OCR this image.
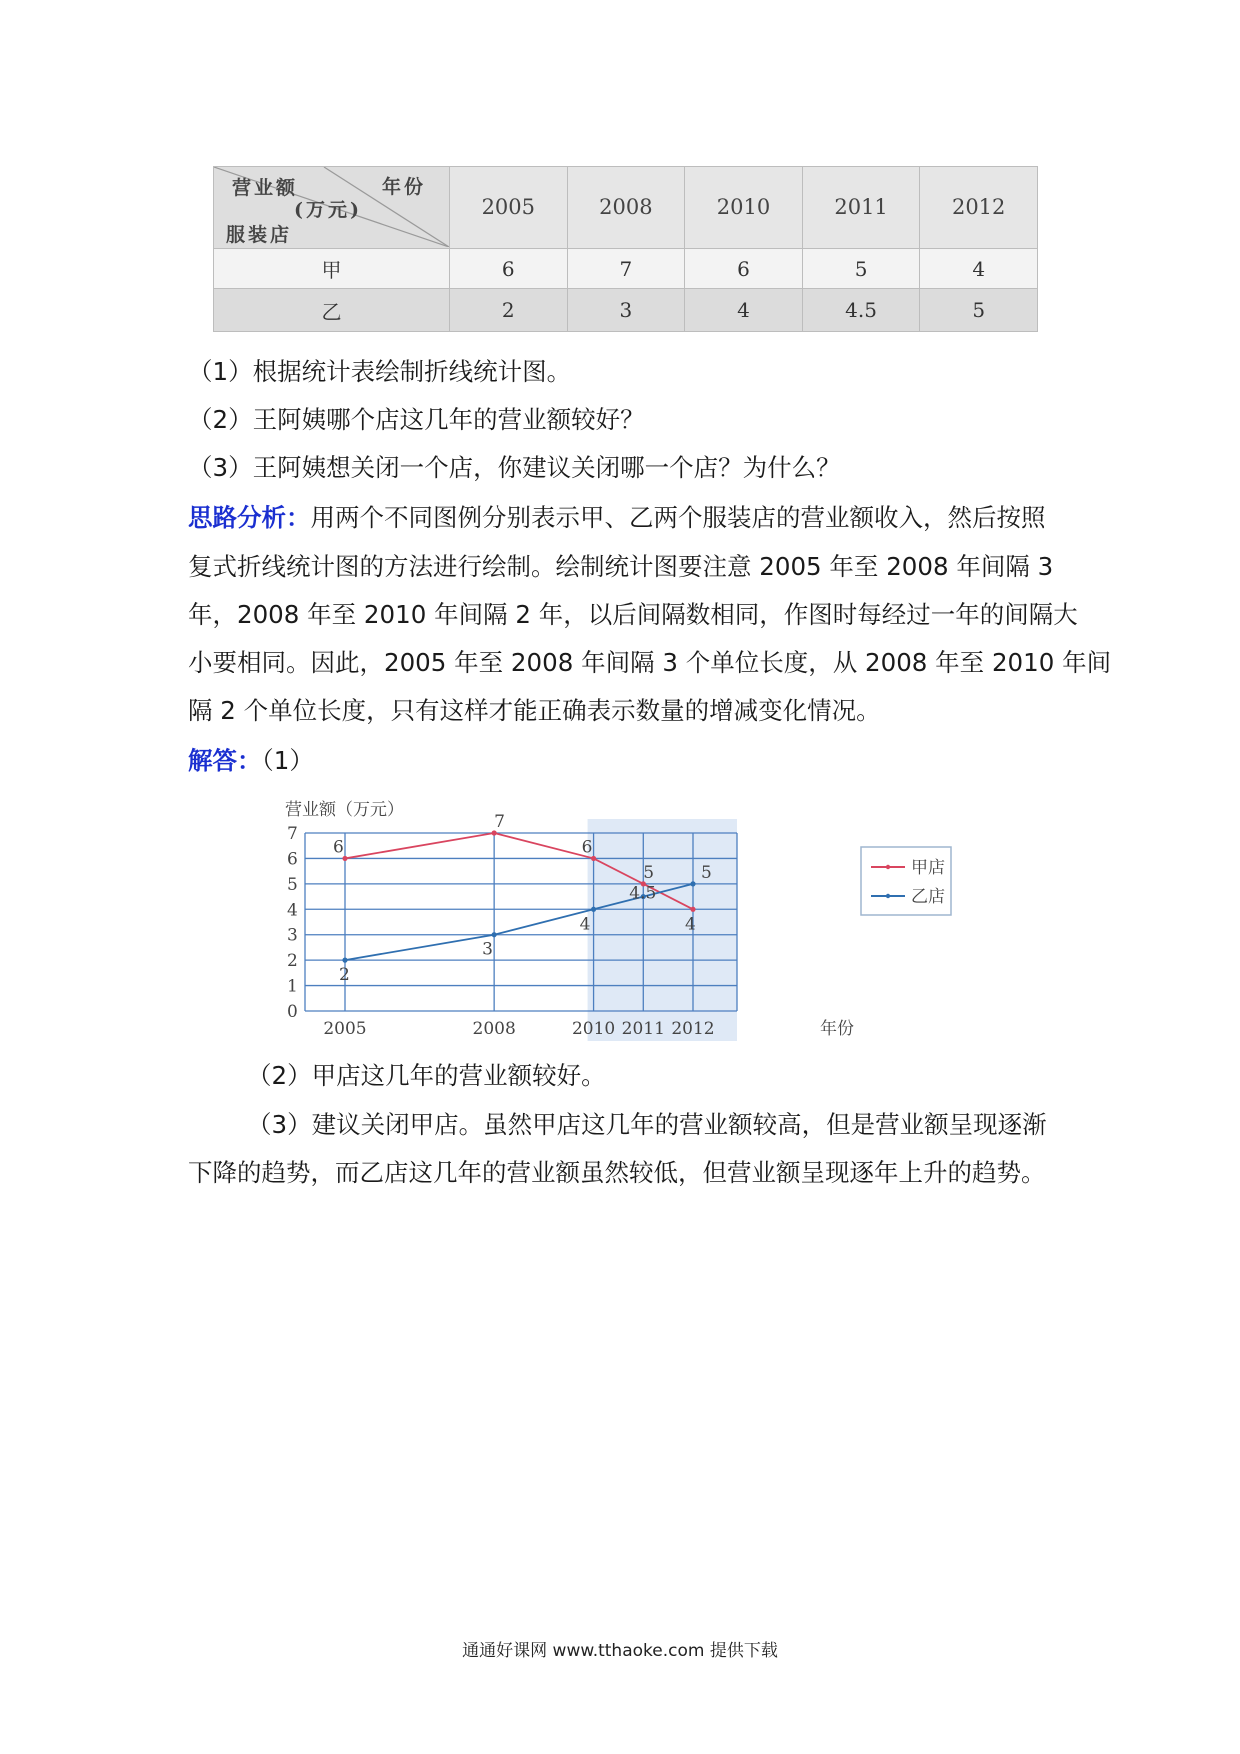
营业额
(万元)
年份
服装店	2005	2008	2010	2011	2012
甲	6	7	6	5	4
乙	2	3	4	4.5	5
（1）根据统计表绘制折线统计图。
（2）王阿姨哪个店这几年的营业额较好？
（3）王阿姨想关闭一个店，你建议关闭哪一个店？为什么？
思路分析：用两个不同图例分别表示甲、乙两个服装店的营业额收入，然后按照
复式折线统计图的方法进行绘制。绘制统计图要注意 2005 年至 2008 年间隔 3
年，2008 年至 2010 年间隔 2 年，以后间隔数相同，作图时每经过一年的间隔大
小要相同。因此，2005 年至 2008 年间隔 3 个单位长度，从 2008 年至 2010 年间
隔 2 个单位长度，只有这样才能正确表示数量的增减变化情况。
解答：（1）
0
1
2
3
4
5
6
7
2005	2008	2010 2011 2012
6
7
6
5
4
2
3
4
4.5
5
营业额（万元）
年份
甲店
乙店
（2）甲店这几年的营业额较好。
（3）建议关闭甲店。虽然甲店这几年的营业额较高，但是营业额呈现逐渐
下降的趋势，而乙店这几年的营业额虽然较低，但营业额呈现逐年上升的趋势。
通通好课网 www.tthaoke.com 提供下载
